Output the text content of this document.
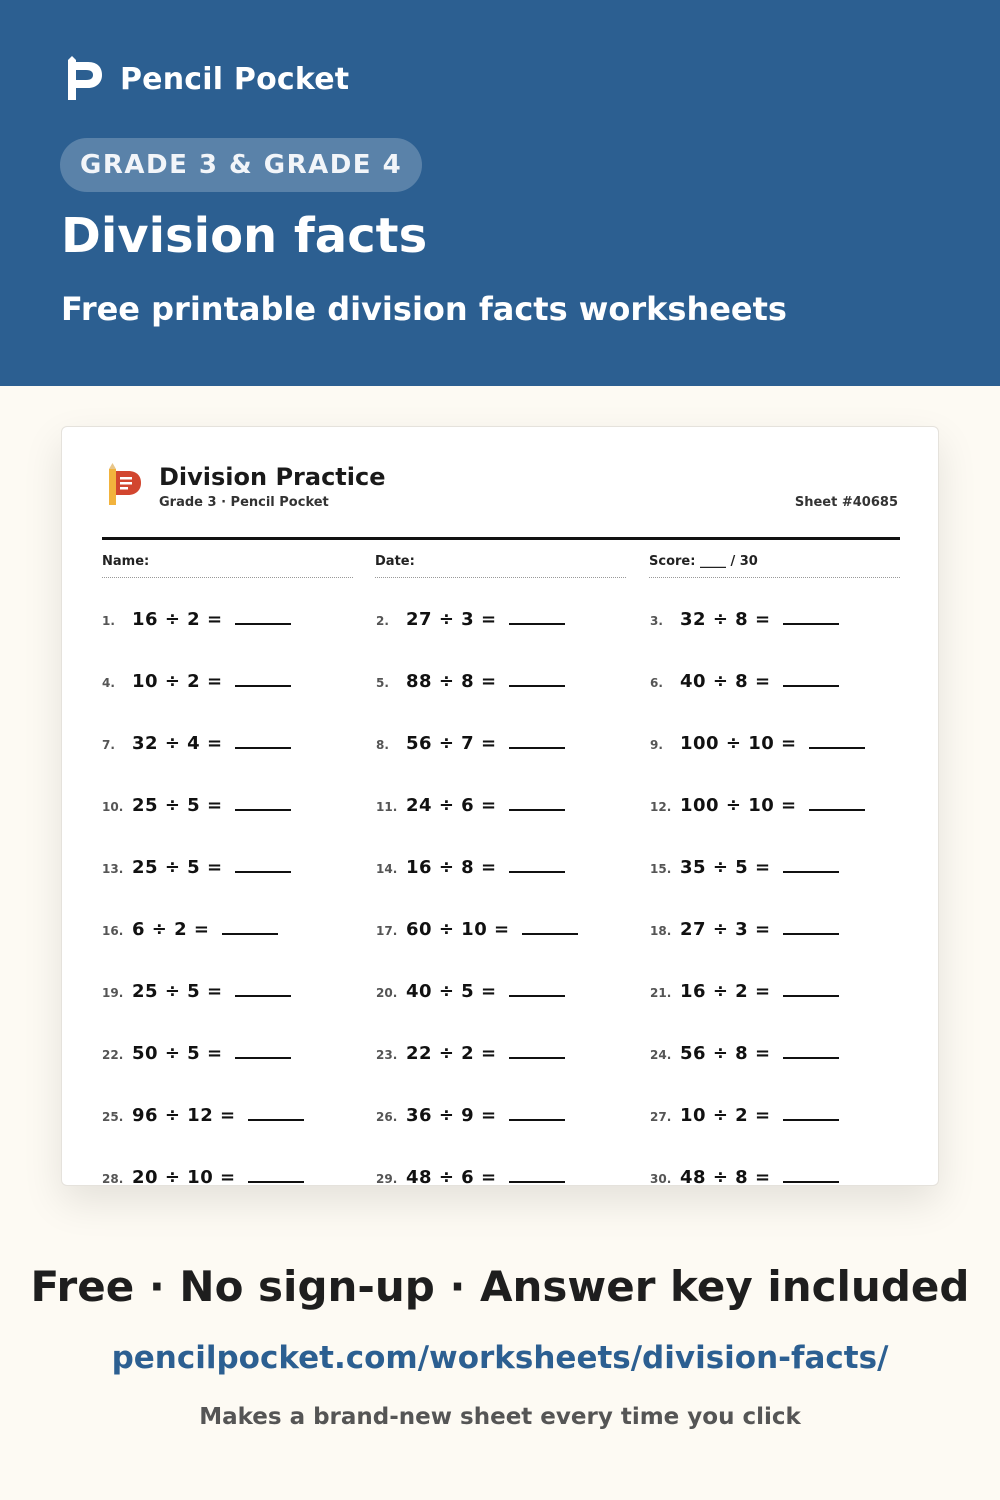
Pencil Pocket
GRADE 3 & GRADE 4
Division facts
Free printable division facts worksheets
Division Practice
Grade 3 · Pencil Pocket	Sheet #40685
Name:	Date:	Score: ____ / 30
1. 16 ÷ 2 =	2. 27 ÷ 3 =	3. 32 ÷ 8 =
4. 10 ÷ 2 =	5. 88 ÷ 8 =	6. 40 ÷ 8 =
7. 32 ÷ 4 =	8. 56 ÷ 7 =	9. 100 ÷ 10 =
10. 25 ÷ 5 =	11. 24 ÷ 6 =	12. 100 ÷ 10 =
13. 25 ÷ 5 =	14. 16 ÷ 8 =	15. 35 ÷ 5 =
16. 6 ÷ 2 =	17. 60 ÷ 10 =	18. 27 ÷ 3 =
19. 25 ÷ 5 =	20. 40 ÷ 5 =	21. 16 ÷ 2 =
22. 50 ÷ 5 =	23. 22 ÷ 2 =	24. 56 ÷ 8 =
25. 96 ÷ 12 =	26. 36 ÷ 9 =	27. 10 ÷ 2 =
28. 20 ÷ 10 =	29. 48 ÷ 6 =	30. 48 ÷ 8 =
Free · No sign-up · Answer key included
pencilpocket.com/worksheets/division-facts/
Makes a brand-new sheet every time you click
